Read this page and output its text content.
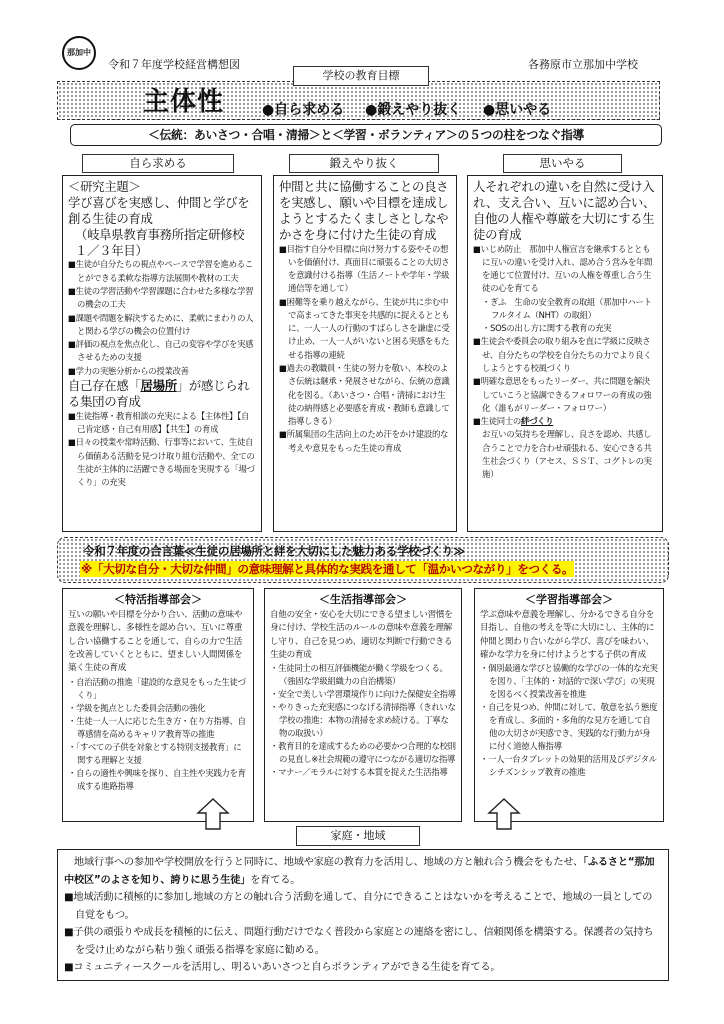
那加中
令和７年度学校経営構想図	各務原市立那加中学校
学校の教育目標
主体性	●自ら求める ●鍛えやり抜く ●思いやる
＜伝統：あいさつ・合唱・清掃＞と＜学習・ボランティア＞の５つの柱をつなぐ指導
自ら求める	鍛えやり抜く	思いやる

＜研究主題＞

学び喜びを実感し、仲間と学びを創る生徒の育成

（岐阜県教育事務所指定研修校１／３年目）

■生徒が自分たちの視点やペースで学習を進めることができる柔軟な指導方法展開や教材の工夫

■生徒の学習活動や学習課題に合わせた多様な学習の機会の工夫

■課題や問題を解決するために、柔軟にまわりの人と関わる学びの機会の位置付け

■評価の視点を焦点化し、自己の変容や学びを実感させるための支援

■学力の実態分析からの授業改善

自己存在感「居場所」が感じられる集団の育成

■生徒指導・教育相談の充実による【主体性】【自己肯定感・自己有用感】【共生】の育成

■日々の授業や常時活動、行事等において、生徒自ら価値ある活動を見つけ取り組む活動や、全ての生徒が主体的に活躍できる場面を実現する「場づくり」の充実

仲間と共に協働することの良さを実感し、願いや目標を達成しようとするたくましさとしなやかさを身に付けた生徒の育成

■目指す自分や目標に向け努力する姿やその想いを価値付け、真面目に頑張ることの大切さを意識付ける指導（生活ノートや学年・学級通信等を通して）

■困難等を乗り越えながら、生徒が共に歩む中で高まってきた事実を共感的に捉えるとともに、一人一人の行動のすばらしさを謙虚に受け止め、一人一人がいないと困る実感をもたせる指導の連続

■過去の教職員・生徒の努力を敬い、本校のよさ伝統は継承・発展させながら、伝統の意識化を図る。（あいさつ・合唱・清掃におけ生徒の納得感と必要感を育成・教師も意識して指導しきる）

■所属集団の生活向上のため汗をかけ建設的な考えや意見をもった生徒の育成

人それぞれの違いを自然に受け入れ、支え合い、互いに認め合い、自他の人権や尊厳を大切にする生徒の育成

■いじめ防止　那加中人権宣言を継承するとともに互いの違いを受け入れ、認め合う営みを年間を通じて位置付け、互いの人権を尊重し合う生徒の心を育てる

・ぎふ　生命の安全教育の取組（那加中ハートフルタイム（NHT）の取組）

・SOSの出し方に関する教育の充実

■生徒会や委員会の取り組みを直に学級に反映させ、自分たちの学校を自分たちの力でより良くしようとする校風づくり

■明確な意思をもったリーダー、共に問題を解決していこうと協調できるフォロワーの育成の強化（誰もがリーダー・フォロワー）

■生徒同士の絆づくり

お互いの気持ちを理解し、良さを認め、共感し合うことで力を合わせ頑張れる、安心できる共生社会づくり（アセス、ＳＳＴ、コグトレの実施）

令和７年度の合言葉≪生徒の居場所と絆を大切にした魅力ある学校づくり≫
※「大切な自分・大切な仲間」の意味理解と具体的な実践を通して「温かいつながり」をつくる。

＜特活指導部会＞

互いの願いや目標を分かり合い、活動の意味や意義を理解し、多様性を認め合い、互いに尊重し合い協働することを通して、自らの力で生活を改善していくとともに、望ましい人間関係を築く生徒の育成

・自治活動の推進「建設的な意見をもった生徒づくり」

・学級を拠点とした委員会活動の強化

・生徒一人一人に応じた生き方・在り方指導、自尊感情を高めるキャリア教育等の推進

・「すべての子供を対象とする特別支援教育」に関する理解と支援

・自らの適性や興味を探り、自主性や実践力を育成する進路指導

＜生活指導部会＞

自他の安全・安心を大切にできる望ましい習慣を身に付け、学校生活のルールの意味や意義を理解し守り、自己を見つめ、適切な判断で行動できる生徒の育成

・生徒同士の相互評価機能が働く学級をつくる。（強固な学級組織力の自治構築）

・安全で美しい学習環境作りに向けた保健安全指導

・やりきった充実感につなげる清掃指導（きれいな学校の推進：本物の清掃を求め続ける。丁寧な物の取扱い）

・教育目的を達成するための必要かつ合理的な校則の見直し※社会規範の遵守につながる適切な指導

・マナー／モラルに対する本質を捉えた生活指導

＜学習指導部会＞

学ぶ意味や意義を理解し、分かるできる自分を目指し、自他の考えを等に大切にし、主体的に仲間と関わり合いながら学び、喜びを味わい、確かな学力を身に付けようとする子供の育成

・個別最適な学びと協働的な学びの一体的な充実を図り、「主体的・対話的で深い学び」の実現を図るべく授業改善を推進

・自己を見つめ、仲間に対して、敬意を払う態度を育成し、多面的・多角的な見方を通して自他の大切さが実感でき、実践的な行動力が身に付く道徳人権指導

・一人一台タブレットの効果的活用及びデジタルシチズンシップ教育の推進

家庭・地域

地域行事への参加や学校開放を行うと同時に、地域や家庭の教育力を活用し、地域の方と触れ合う機会をもたせ、「ふるさと“那加中校区”のよさを知り、誇りに思う生徒」を育てる。

■地域活動に積極的に参加し地域の方との触れ合う活動を通して、自分にできることはないかを考えることで、地域の一員としての自覚をもつ。

■子供の頑張りや成長を積極的に伝え、問題行動だけでなく普段から家庭との連絡を密にし、信頼関係を構築する。保護者の気持ちを受け止めながら粘り強く頑張る指導を家庭に勧める。

■コミュニティースクールを活用し、明るいあいさつと自らボランティアができる生徒を育てる。
